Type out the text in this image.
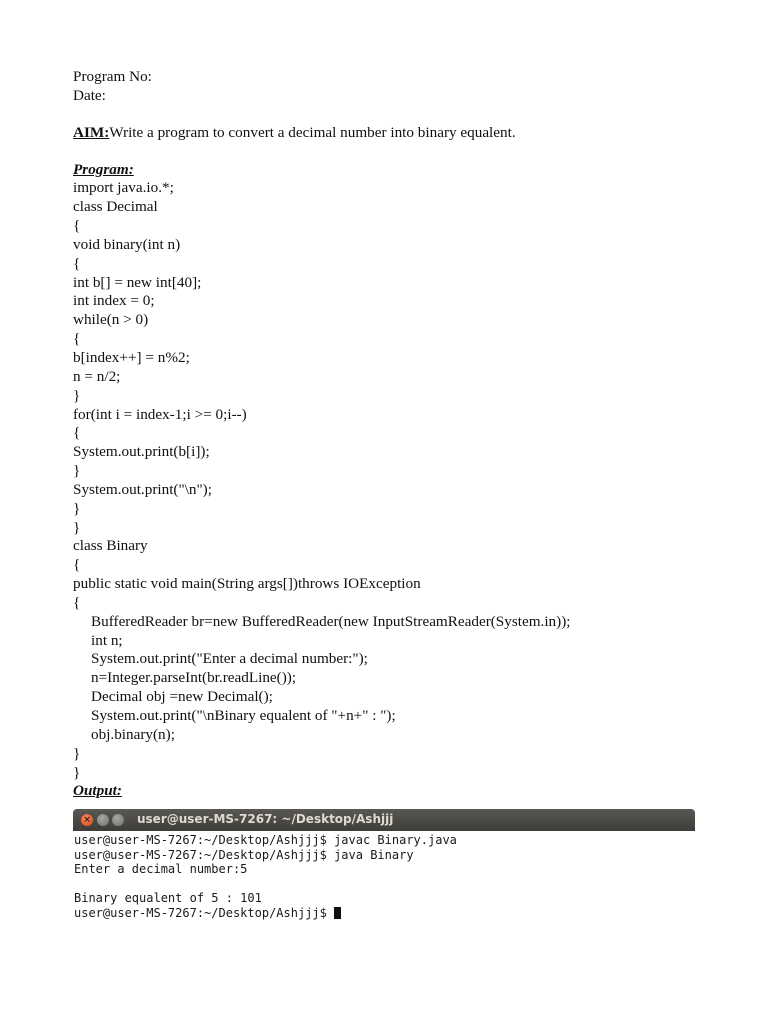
Program No:
Date:
AIM:Write a program to convert a decimal number into binary equalent.
Program:
import java.io.*;
class Decimal
{
void binary(int n)
{
int b[] = new int[40];
int index = 0;
while(n > 0)
{
b[index++] = n%2;
n = n/2;
}
for(int i = index-1;i >= 0;i--)
{
System.out.print(b[i]);
}
System.out.print("\n");
}
}
class Binary
{
public static void main(String args[])throws IOException
{
BufferedReader br=new BufferedReader(new InputStreamReader(System.in));
int n;
System.out.print("Enter a decimal number:");
n=Integer.parseInt(br.readLine());
Decimal obj =new Decimal();
System.out.print("\nBinary equalent of "+n+" : ");
obj.binary(n);
}
}
Output:
×	user@user-MS-7267: ~/Desktop/Ashjjj
user@user-MS-7267:~/Desktop/Ashjjj$ javac Binary.java
user@user-MS-7267:~/Desktop/Ashjjj$ java Binary
Enter a decimal number:5
Binary equalent of 5 : 101
user@user-MS-7267:~/Desktop/Ashjjj$
